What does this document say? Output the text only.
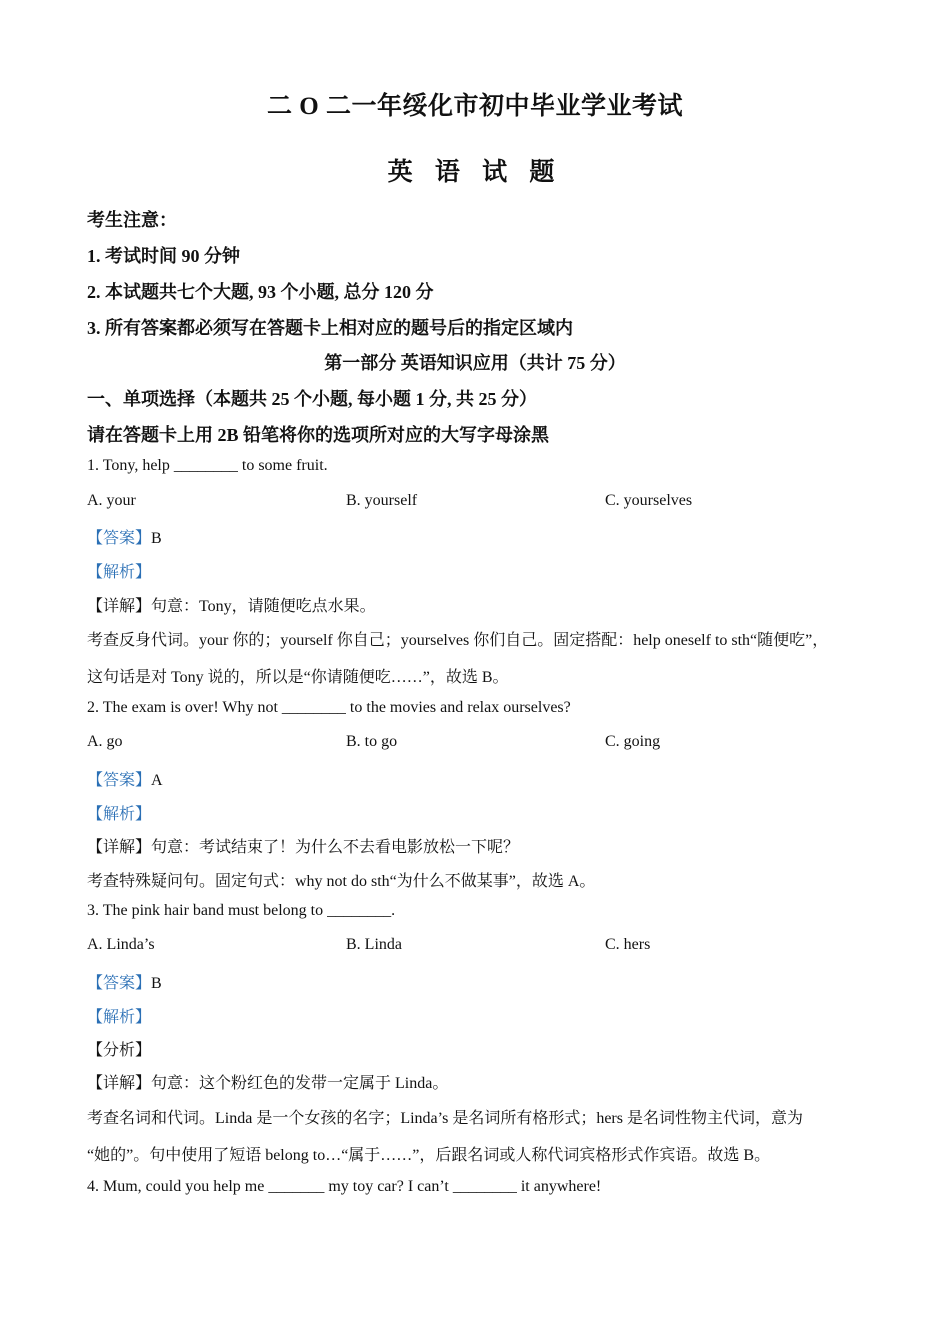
二 O 二一年绥化市初中毕业学业考试
英 语 试 题
考生注意：
1. 考试时间 90 分钟
2. 本试题共七个大题, 93 个小题, 总分 120 分
3. 所有答案都必须写在答题卡上相对应的题号后的指定区域内
第一部分 英语知识应用（共计 75 分）
一、单项选择（本题共 25 个小题, 每小题 1 分, 共 25 分）
请在答题卡上用 2B 铅笔将你的选项所对应的大写字母涂黑
1. Tony, help ________ to some fruit.
A. your	B. yourself	C. yourselves
【答案】B
【解析】
【详解】句意：Tony，请随便吃点水果。
考查反身代词。your 你的；yourself 你自己；yourselves 你们自己。固定搭配：help oneself to sth“随便吃”，
这句话是对 Tony 说的，所以是“你请随便吃……”，故选 B。
2. The exam is over! Why not ________ to the movies and relax ourselves?
A. go	B. to go	C. going
【答案】A
【解析】
【详解】句意：考试结束了！为什么不去看电影放松一下呢？
考查特殊疑问句。固定句式：why not do sth“为什么不做某事”，故选 A。
3. The pink hair band must belong to ________.
A. Linda’s	B. Linda	C. hers
【答案】B
【解析】
【分析】
【详解】句意：这个粉红色的发带一定属于 Linda。
考查名词和代词。Linda 是一个女孩的名字；Linda’s 是名词所有格形式；hers 是名词性物主代词，意为
“她的”。句中使用了短语 belong to…“属于……”，后跟名词或人称代词宾格形式作宾语。故选 B。
4. Mum, could you help me _______ my toy car? I can’t ________ it anywhere!
